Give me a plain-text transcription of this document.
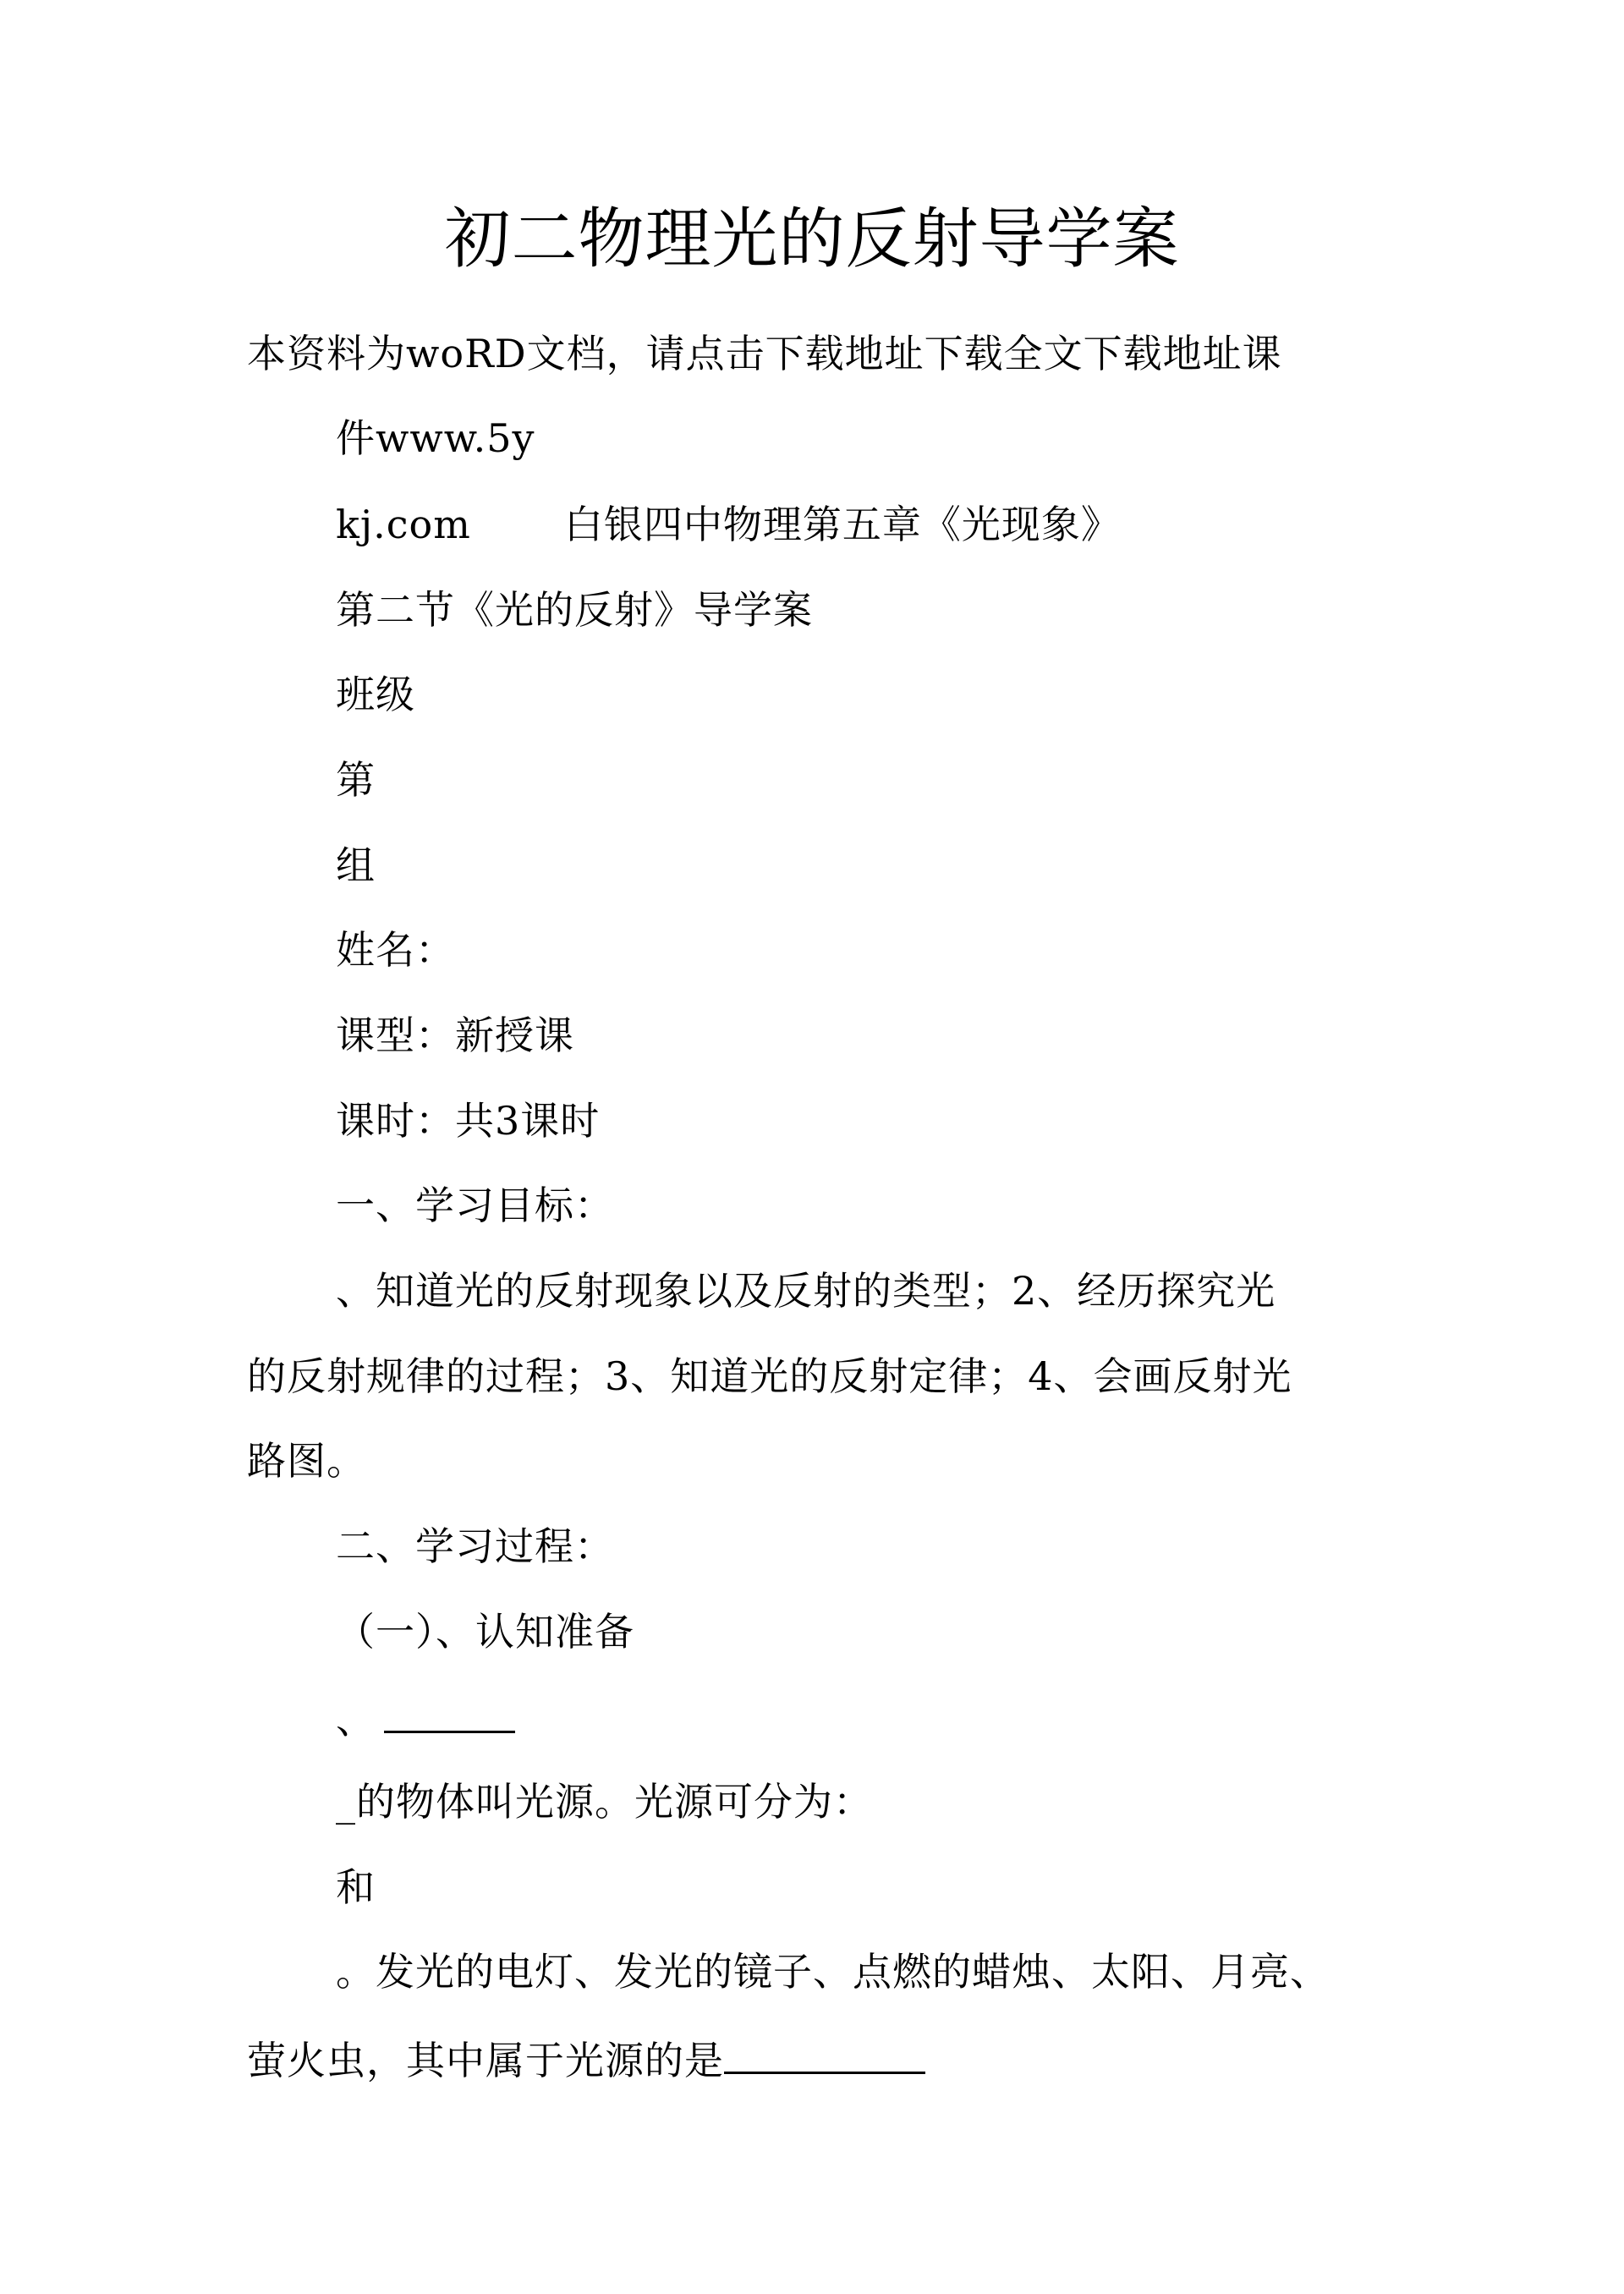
初二物理光的反射导学案
本资料为woRD文档，请点击下载地址下载全文下载地址课
件www.5y
kj.com 白银四中物理第五章《光现象》
第二节《光的反射》导学案
班级
第
组
姓名：
课型：新授课
课时：共3课时
一、学习目标：
、知道光的反射现象以及反射的类型；2、经历探究光
的反射规律的过程；3、知道光的反射定律；4、会画反射光
路图。
二、学习过程：
（一）、认知准备
、
_的物体叫光源。光源可分为：
和
。发光的电灯、发光的镜子、点燃的蜡烛、太阳、月亮、
萤火虫，其中属于光源的是
